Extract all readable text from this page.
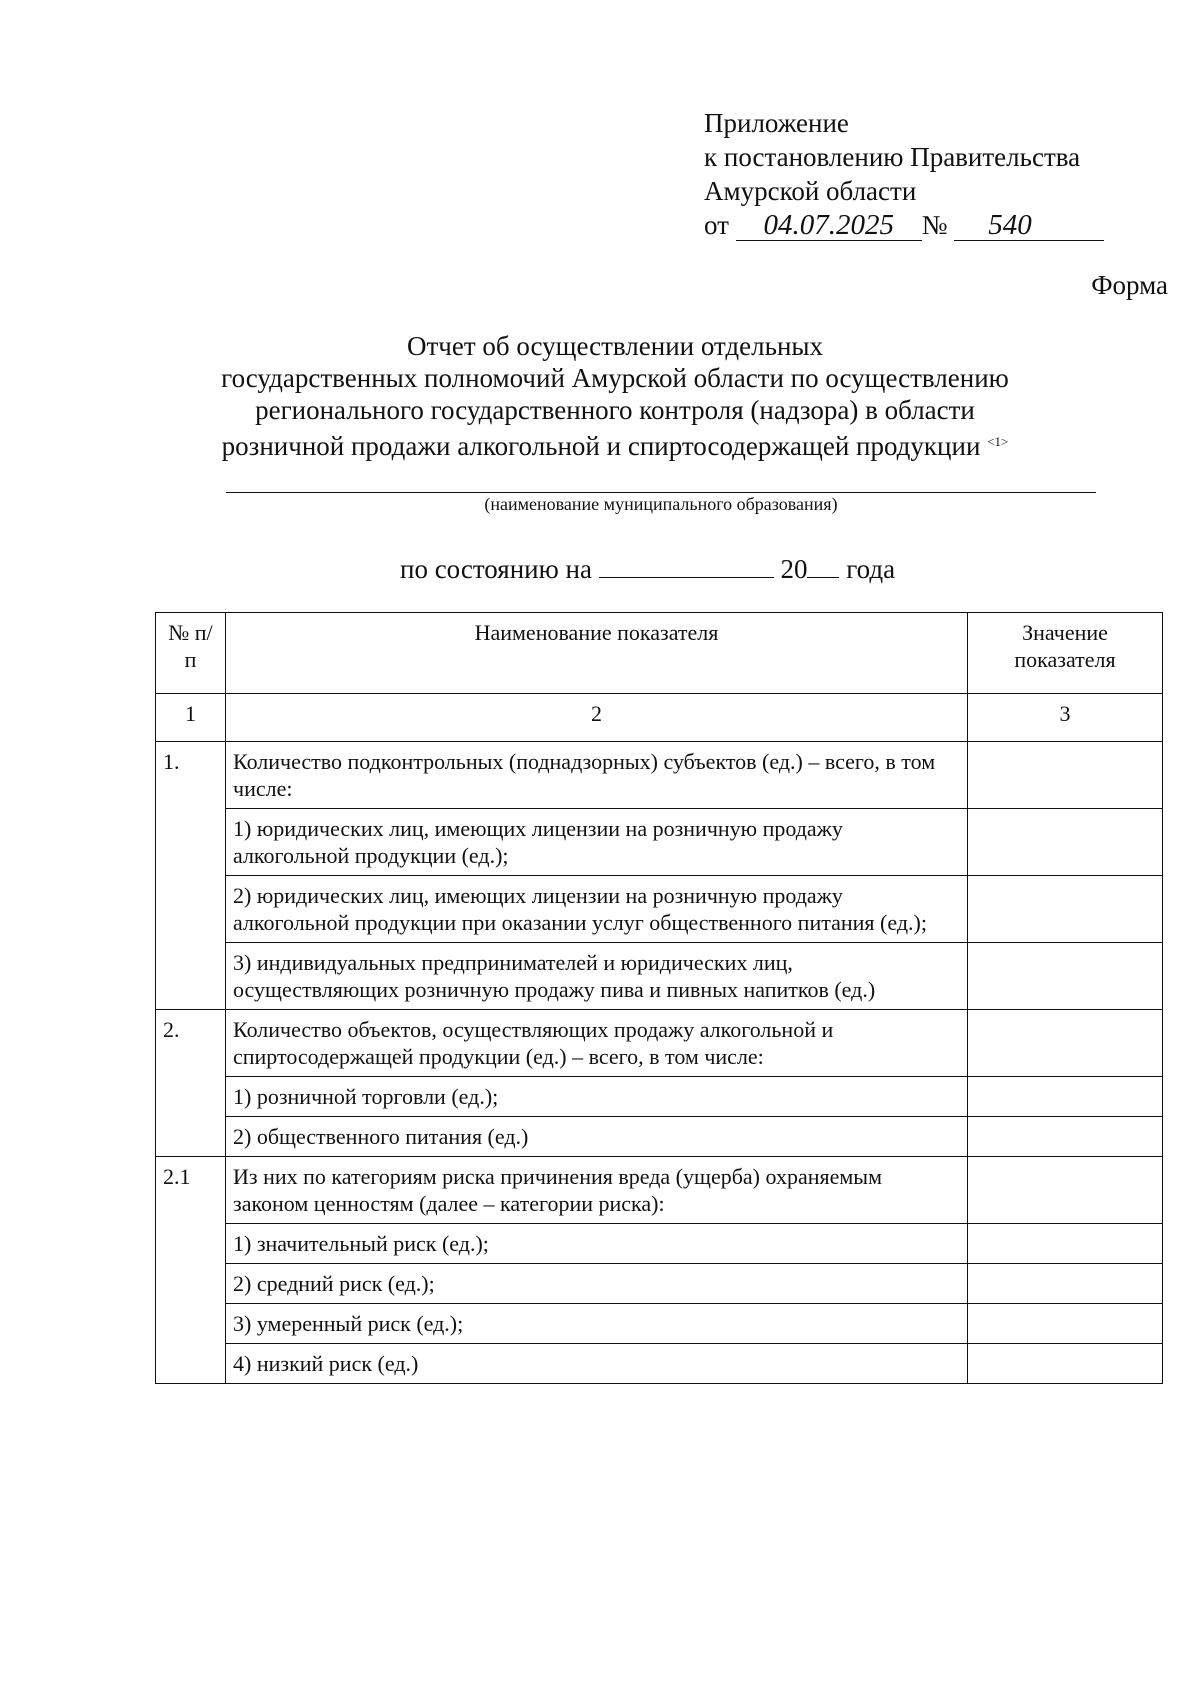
Приложение
к постановлению Правительства
Амурской области
от 04.07.2025 № 540
Форма
Отчет об осуществлении отдельных
государственных полномочий Амурской области по осуществлению
регионального государственного контроля (надзора) в области
розничной продажи алкогольной и спиртосодержащей продукции $^{<1>}$
(наименование муниципального образования)
по состоянию на	20 года
№ п/п	Наименование показателя	Значение показателя
1	2	3
1.	Количество подконтрольных (поднадзорных) субъектов (ед.) – всего, в том числе:	
	1) юридических лиц, имеющих лицензии на розничную продажу алкогольной продукции (ед.);	
	2) юридических лиц, имеющих лицензии на розничную продажу алкогольной продукции при оказании услуг общественного питания (ед.);	
	3) индивидуальных предпринимателей и юридических лиц, осуществляющих розничную продажу пива и пивных напитков (ед.)	
2.	Количество объектов, осуществляющих продажу алкогольной и спиртосодержащей продукции (ед.) – всего, в том числе:	
	1) розничной торговли (ед.);	
	2) общественного питания (ед.)	
2.1	Из них по категориям риска причинения вреда (ущерба) охраняемым законом ценностям (далее – категории риска):	
	1) значительный риск (ед.);	
	2) средний риск (ед.);	
	3) умеренный риск (ед.);	
	4) низкий риск (ед.)	
